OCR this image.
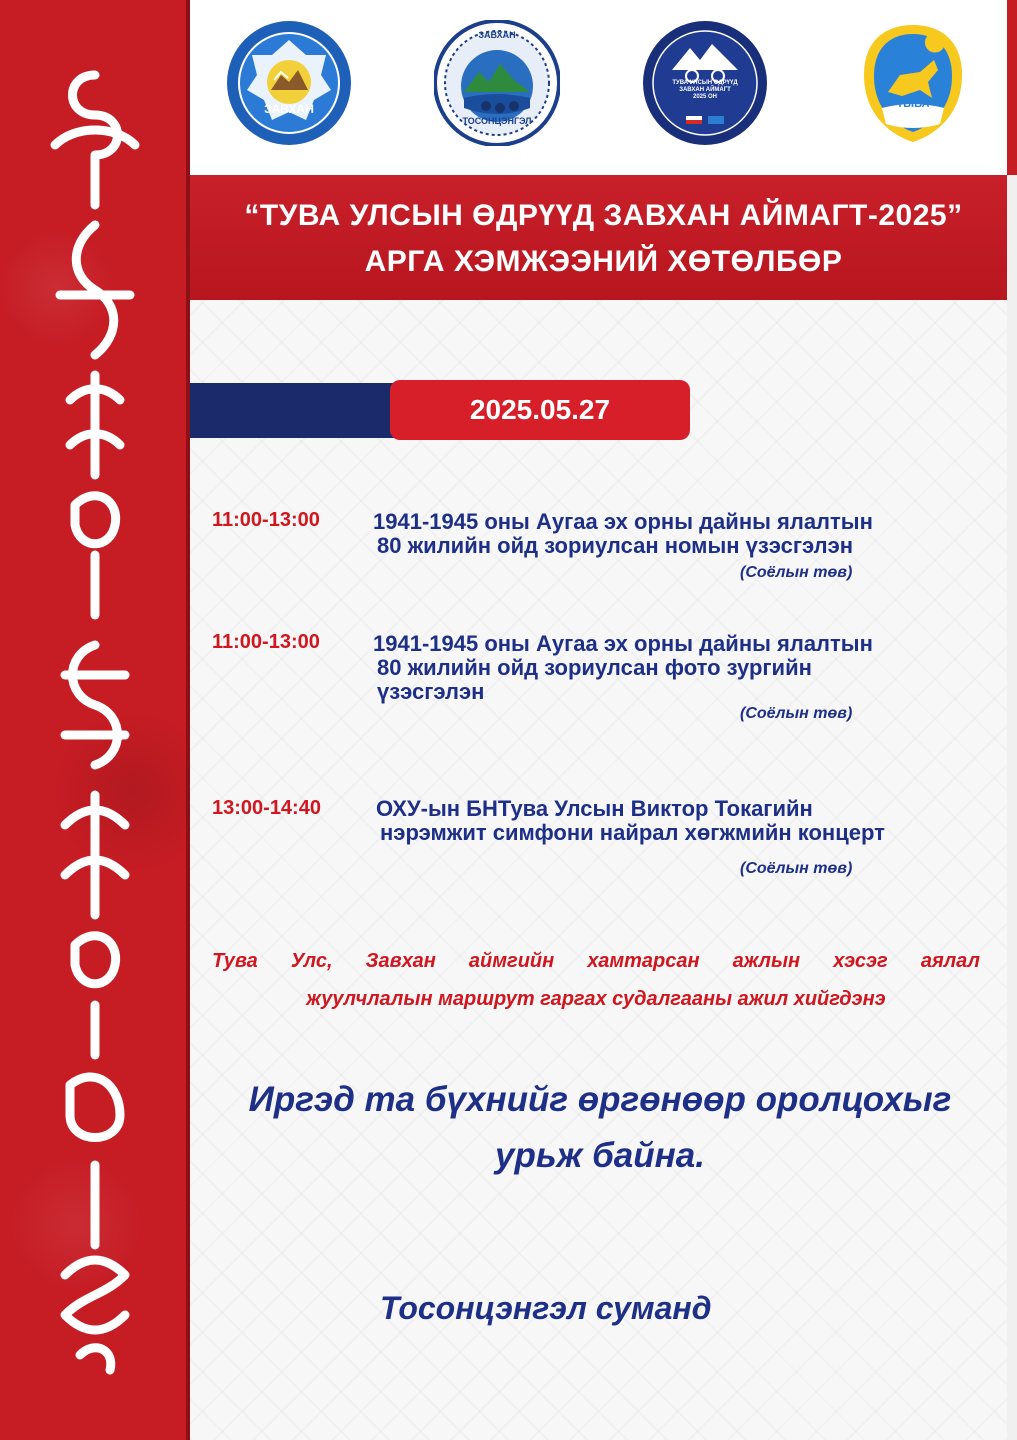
ЗАВХАН
ЗАВХАН
ТОСОНЦЭНГЭЛ
ТУВА УЛСЫН ӨДРҮҮД
ЗАВХАН АЙМАГТ
2025 ОН
ТЫВА
“ТУВА УЛСЫН ӨДРҮҮД ЗАВХАН АЙМАГТ-2025”
АРГА ХЭМЖЭЭНИЙ ХӨТӨЛБӨР
2025.05.27
11:00-13:00 1941-1945 оны Аугаа эх орны дайны ялалтын
80 жилийн ойд зориулсан номын үзэсгэлэн
(Соёлын төв)
11:00-13:00 1941-1945 оны Аугаа эх орны дайны ялалтын
80 жилийн ойд зориулсан фото зургийн
үзэсгэлэн
(Соёлын төв)
13:00-14:40	ОХУ-ын БНТува Улсын Виктор Токагийн
нэрэмжит симфони найрал хөгжмийн концерт
(Соёлын төв)
Тува Улс, Завхан аймгийн хамтарсан ажлын хэсэг аялал
жуулчлалын маршрут гаргах судалгааны ажил хийгдэнэ
Иргэд та бүхнийг өргөнөөр оролцохыг
урьж байна.
Тосонцэнгэл суманд
